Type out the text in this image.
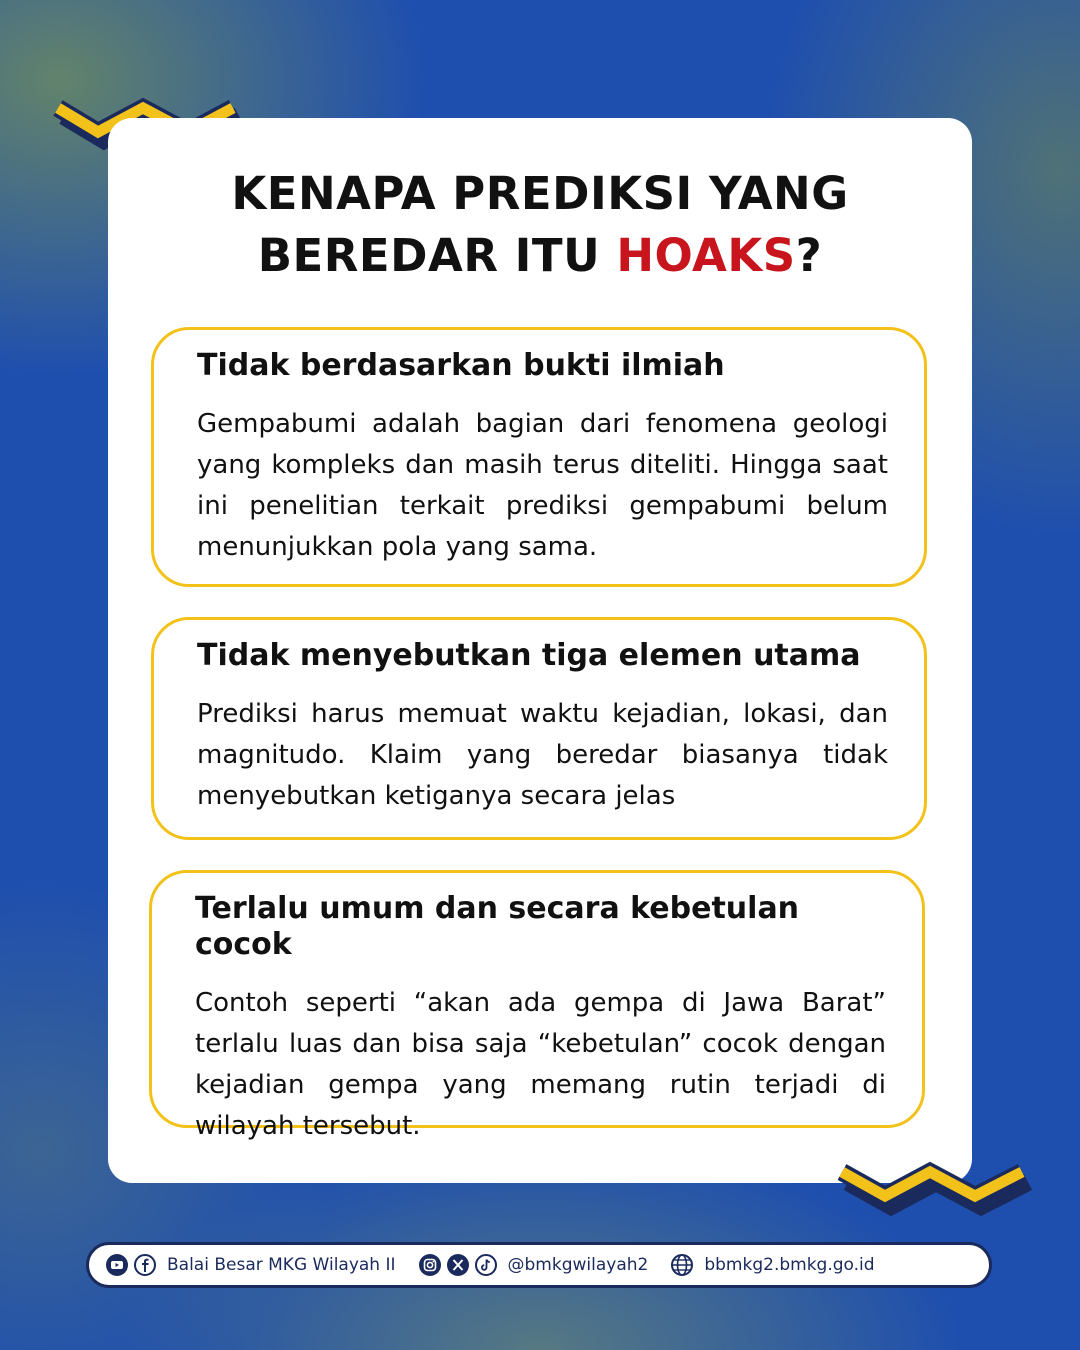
KENAPA PREDIKSI YANG
BEREDAR ITU HOAKS?
Tidak berdasarkan bukti ilmiah

Gempabumi adalah bagian dari fenomena geologi yang kompleks dan masih terus diteliti. Hingga saat ini penelitian terkait prediksi gempabumi belum menunjukkan pola yang sama.

Tidak menyebutkan tiga elemen utama

Prediksi harus memuat waktu kejadian, lokasi, dan magnitudo. Klaim yang beredar biasanya tidak menyebutkan ketiganya secara jelas

Terlalu umum dan secara kebetulan cocok

Contoh seperti “akan ada gempa di Jawa Barat” terlalu luas dan bisa saja “kebetulan” cocok dengan kejadian gempa yang memang rutin terjadi di wilayah tersebut.

Balai Besar MKG Wilayah II	@bmkgwilayah2	bbmkg2.bmkg.go.id
